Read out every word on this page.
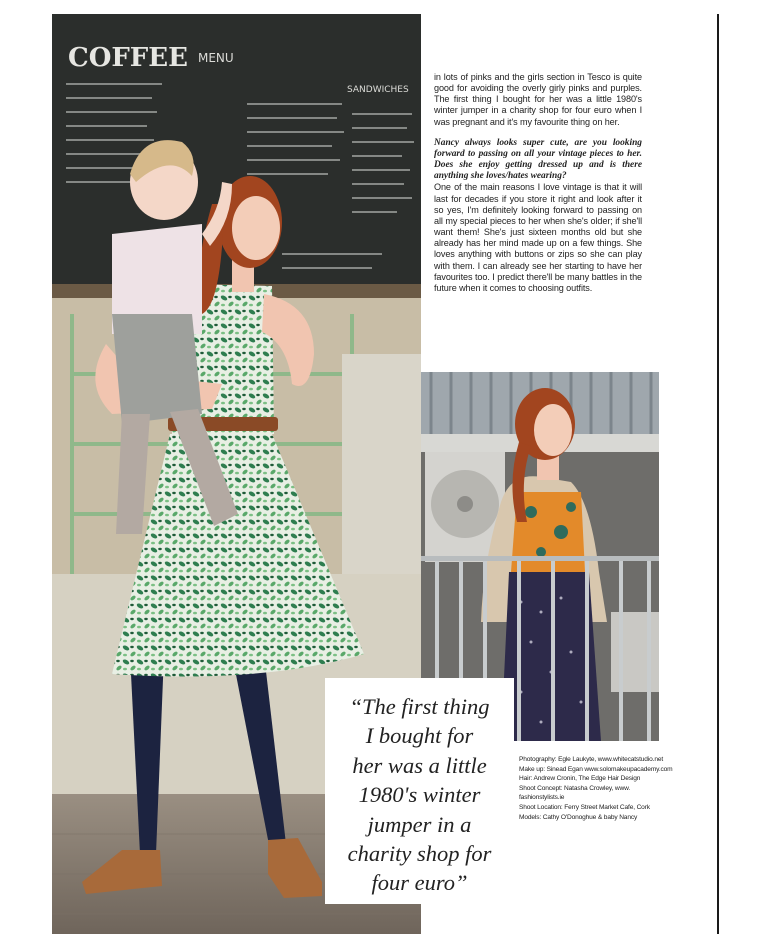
COFFEE MENU
SANDWICHES

in lots of pinks and the girls section in Tesco is quite good for avoiding the overly girly pinks and purples. The first thing I bought for her was a little 1980's winter jumper in a charity shop for four euro when I was pregnant and it's my favourite thing on her.

Nancy always looks super cute, are you looking forward to passing on all your vintage pieces to her. Does she enjoy getting dressed up and is there anything she loves/hates wearing?

One of the main reasons I love vintage is that it will last for decades if you store it right and look after it so yes, I'm definitely looking forward to passing on all my special pieces to her when she's older; if she'll want them! She's just sixteen months old but she already has her mind made up on a few things. She loves anything with buttons or zips so she can play with them. I can already see her starting to have her favourites too. I predict there'll be many battles in the future when it comes to choosing outfits.

“The first thing
I bought for
her was a little
1980's winter
jumper in a
charity shop for
four euro”
Photography: Egle Laukyte, www.whitecatstudio.net
Make up: Sinead Egan www.solomakeupacademy.com
Hair: Andrew Cronin, The Edge Hair Design
Shoot Concept: Natasha Crowley, www.
fashionstylists.ie
Shoot Location: Ferry Street Market Cafe, Cork
Models: Cathy O'Donoghue & baby Nancy
